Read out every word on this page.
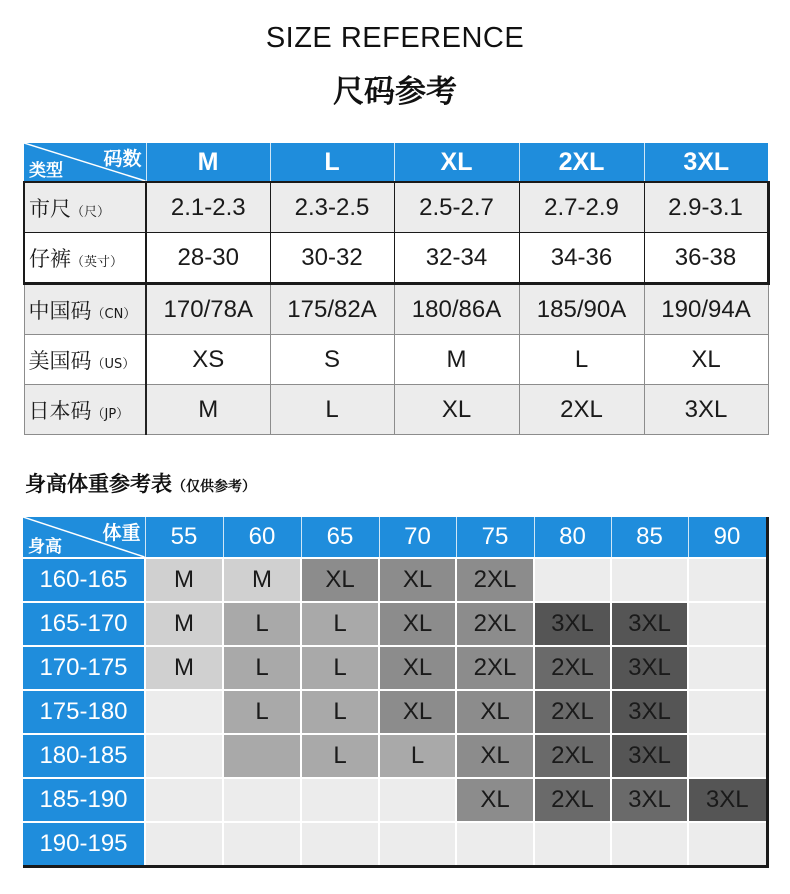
SIZE REFERENCE
尺码参考
码数
类型	M	L	XL	2XL	3XL
市尺（尺）	2.1-2.3	2.3-2.5	2.5-2.7	2.7-2.9	2.9-3.1
仔裤（英寸）	28-30	30-32	32-34	34-36	36-38
中国码（CN）	170/78A	175/82A	180/86A	185/90A	190/94A
美国码（US）	XS	S	M	L	XL
日本码（JP）	M	L	XL	2XL	3XL
身高体重参考表（仅供参考）
体重
身高	55	60	65	70	75	80	85	90
160-165	M	M	XL	XL	2XL			
165-170	M	L	L	XL	2XL	3XL	3XL	
170-175	M	L	L	XL	2XL	2XL	3XL	
175-180		L	L	XL	XL	2XL	3XL	
180-185			L	L	XL	2XL	3XL	
185-190					XL	2XL	3XL	3XL
190-195								
